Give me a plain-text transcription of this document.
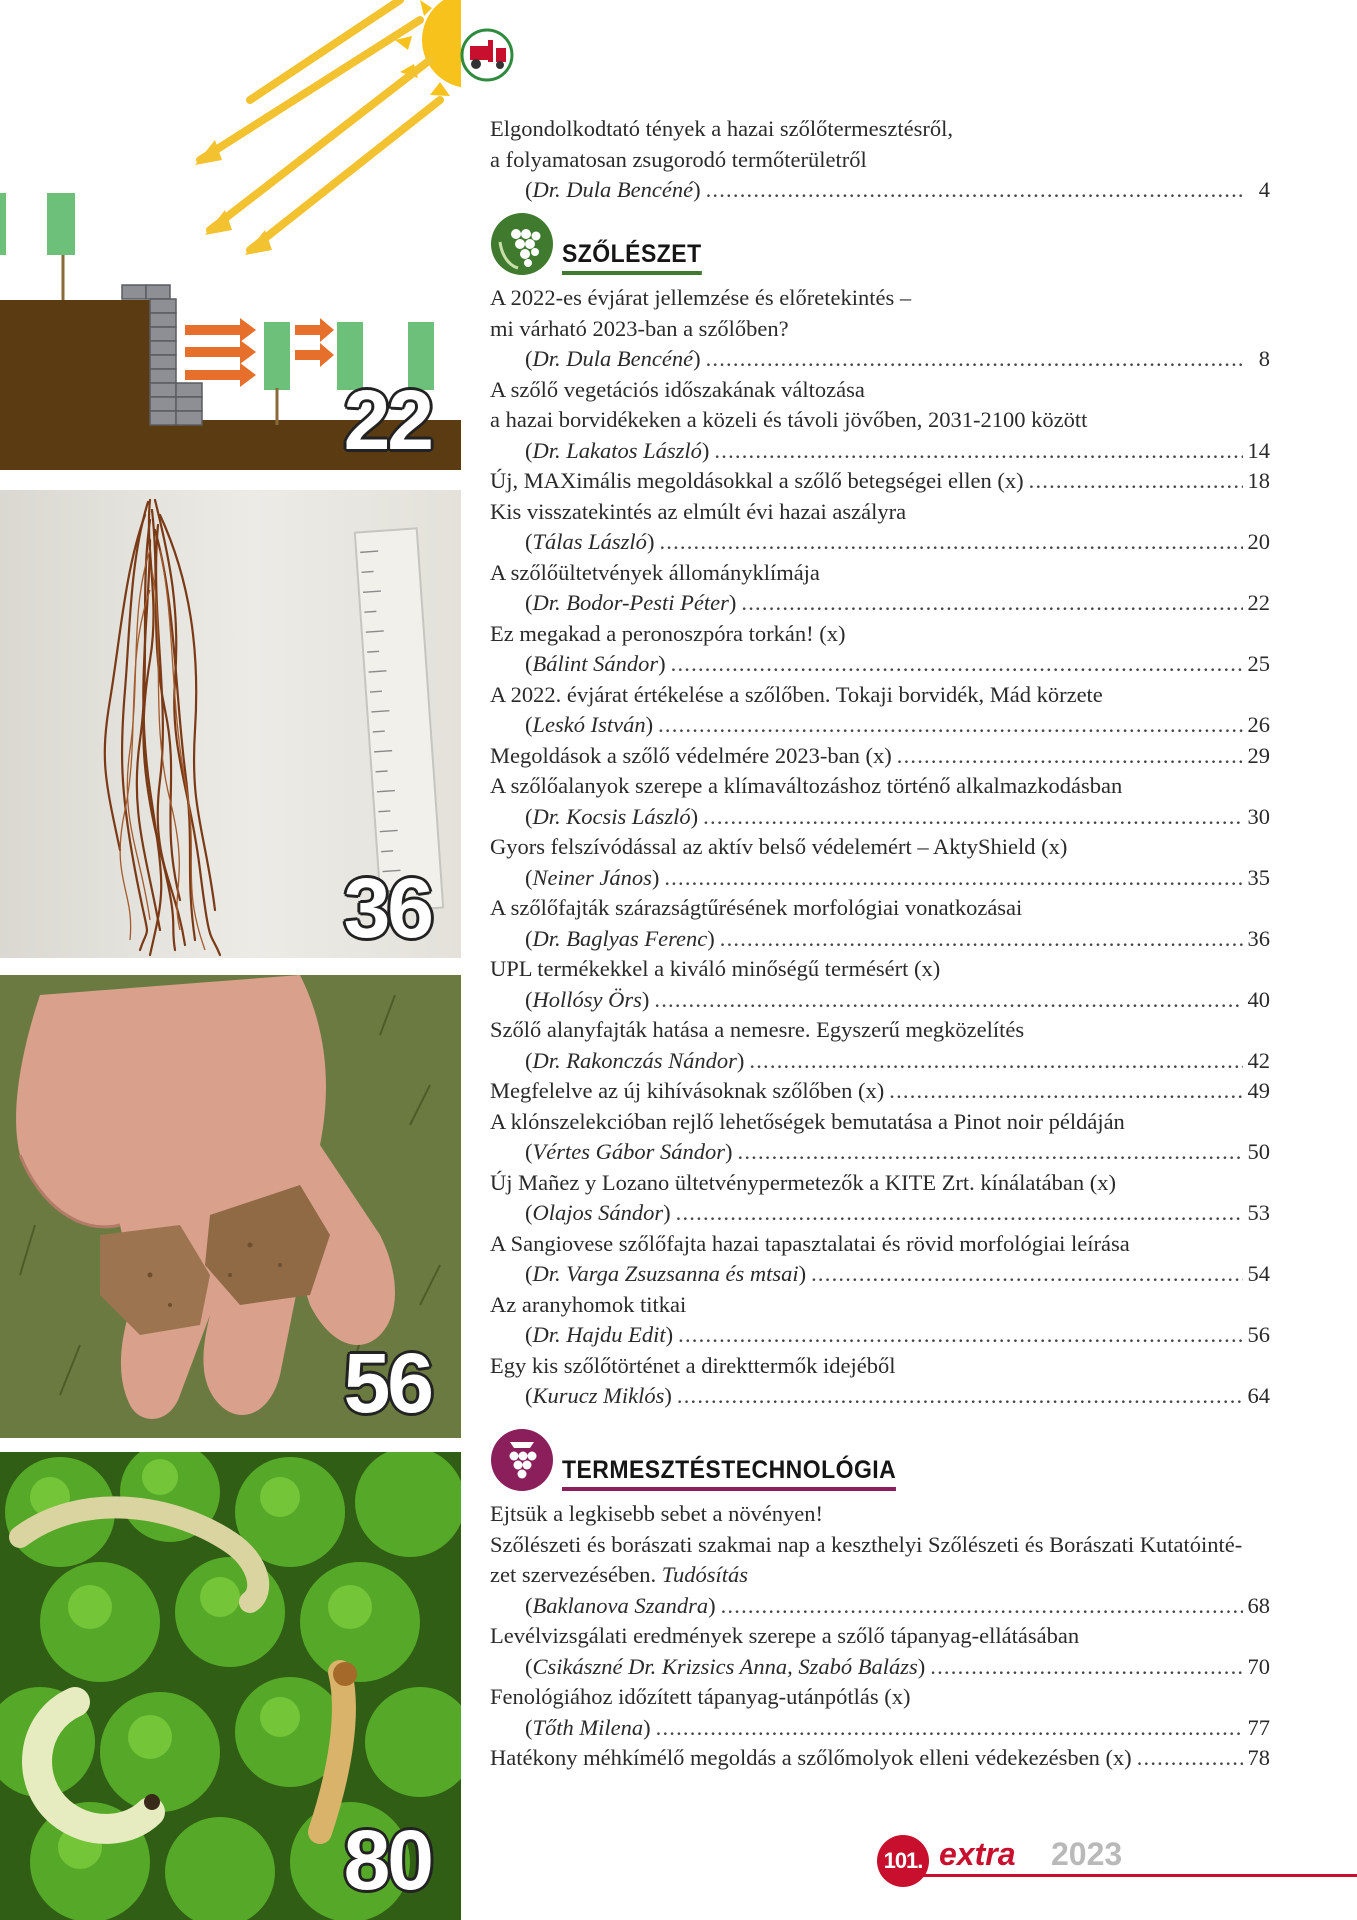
22
36
56
80
Elgondolkodtató tények a hazai szőlőtermesztésről,
a folyamatosan zsugorodó termőterületről
(Dr. Dula Bencéné) .....	4
SZŐLÉSZET
A 2022-es évjárat jellemzése és előretekintés –
mi várható 2023-ban a szőlőben?
(Dr. Dula Bencéné) .....	8
A szőlő vegetációs időszakának változása
a hazai borvidékeken a közeli és távoli jövőben, 2031-2100 között
(Dr. Lakatos László) .....	14
Új, MAXimális megoldásokkal a szőlő betegségei ellen (x) .....	18
Kis visszatekintés az elmúlt évi hazai aszályra
(Tálas László) .....	20
A szőlőültetvények állományklímája
(Dr. Bodor-Pesti Péter) .....	22
Ez megakad a peronoszpóra torkán! (x)
(Bálint Sándor) .....	25
A 2022. évjárat értékelése a szőlőben. Tokaji borvidék, Mád körzete
(Leskó István) .....	26
Megoldások a szőlő védelmére 2023-ban (x) .....	29
A szőlőalanyok szerepe a klímaváltozáshoz történő alkalmazkodásban
(Dr. Kocsis László) .....	30
Gyors felszívódással az aktív belső védelemért – AktyShield (x)
(Neiner János) .....	35
A szőlőfajták szárazságtűrésének morfológiai vonatkozásai
(Dr. Baglyas Ferenc) .....	36
UPL termékekkel a kiváló minőségű termésért (x)
(Hollósy Örs) .....	40
Szőlő alanyfajták hatása a nemesre. Egyszerű megközelítés
(Dr. Rakonczás Nándor) .....	42
Megfelelve az új kihívásoknak szőlőben (x) .....	49
A klónszelekcióban rejlő lehetőségek bemutatása a Pinot noir példáján
(Vértes Gábor Sándor) .....	50
Új Mañez y Lozano ültetvénypermetezők a KITE Zrt. kínálatában (x)
(Olajos Sándor) .....	53
A Sangiovese szőlőfajta hazai tapasztalatai és rövid morfológiai leírása
(Dr. Varga Zsuzsanna és mtsai) .....	54
Az aranyhomok titkai
(Dr. Hajdu Edit) .....	56
Egy kis szőlőtörténet a direkttermők idejéből
(Kurucz Miklós) .....	64
TERMESZTÉSTECHNOLÓGIA
Ejtsük a legkisebb sebet a növényen!
Szőlészeti és borászati szakmai nap a keszthelyi Szőlészeti és Borászati Kutatóinté-
zet szervezésében. Tudósítás
(Baklanova Szandra) .....	68
Levélvizsgálati eredmények szerepe a szőlő tápanyag-ellátásában
(Csikászné Dr. Krizsics Anna, Szabó Balázs) .....	70
Fenológiához időzített tápanyag-utánpótlás (x)
(Tőth Milena) .....	77
Hatékony méhkímélő megoldás a szőlőmolyok elleni védekezésben (x) .....	78
101. extra 2023
